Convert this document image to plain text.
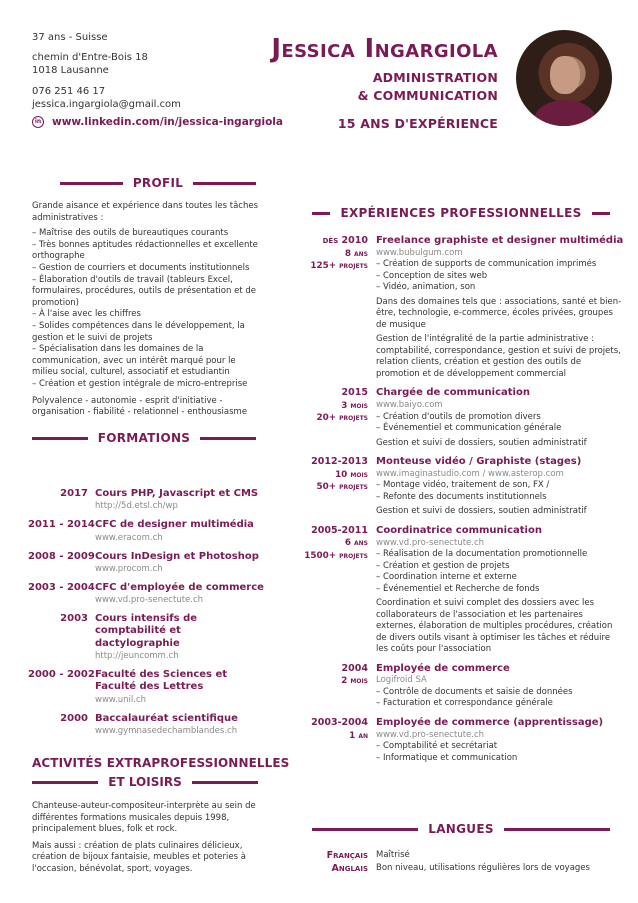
37 ans - Suisse
chemin d'Entre-Bois 18
1018 Lausanne
076 251 46 17
jessica.ingargiola@gmail.com
in www.linkedin.com/in/jessica-ingargiola
Jessica Ingargiola
ADMINISTRATION
& COMMUNICATION
15 ANS D'EXPÉRIENCE
PROFIL

Grande aisance et expérience dans toutes les tâches administratives :

– Maîtrise des outils de bureautiques courants
– Très bonnes aptitudes rédactionnelles et excellente orthographe
– Gestion de courriers et documents institutionnels
– Élaboration d'outils de travail (tableurs Excel, formulaires, procédures, outils de présentation et de promotion)
– À l'aise avec les chiffres
– Solides compétences dans le développement, la gestion et le suivi de projets
– Spécialisation dans les domaines de la communication, avec un intérêt marqué pour le milieu social, culturel, associatif et estudiantin
– Création et gestion intégrale de micro-entreprise

Polyvalence - autonomie - esprit d'initiative - organisation - fiabilité - relationnel - enthousiasme

FORMATIONS
2017 Cours PHP, Javascript et CMS
http://5d.etsl.ch/wp
2011 - 2014 CFC de designer multimédia
www.eracom.ch
2008 - 2009 Cours InDesign et Photoshop
www.procom.ch
2003 - 2004 CFC d'employée de commerce
www.vd.pro-senectute.ch
2003 Cours intensifs de comptabilité et dactylographie
http://jeuncomm.ch
2000 - 2002 Faculté des Sciences et Faculté des Lettres
www.unil.ch
2000 Baccalauréat scientifique
www.gymnasedechamblandes.ch
ACTIVITÉS EXTRAPROFESSIONNELLES
ET LOISIRS

Chanteuse-auteur-compositeur-interprète au sein de différentes formations musicales depuis 1998, principalement blues, folk et rock.

Mais aussi : création de plats culinaires délicieux, création de bijoux fantaisie, meubles et poteries à l'occasion, bénévolat, sport, voyages.

EXPÉRIENCES PROFESSIONNELLES
dès 2010
8 ans
125+ projets
Freelance graphiste et designer multimédia
www.bubulgum.com
– Création de supports de communication imprimés
– Conception de sites web
– Vidéo, animation, son
Dans des domaines tels que : associations, santé et bien-être, technologie, e-commerce, écoles privées, groupes de musique
Gestion de l'intégralité de la partie administrative : comptabilité, correspondance, gestion et suivi de projets, relation clients, création et gestion des outils de promotion et de développement commercial
2015
3 mois
20+ projets
Chargée de communication
www.baiyo.com
– Création d'outils de promotion divers
– Événementiel et communication générale
Gestion et suivi de dossiers, soutien administratif
2012-2013
10 mois
50+ projets
Monteuse vidéo / Graphiste (stages)
www.imaginastudio.com / www.asterop.com
– Montage vidéo, traitement de son, FX /
– Refonte des documents institutionnels
Gestion et suivi de dossiers, soutien administratif
2005-2011
6 ans
1500+ projets
Coordinatrice communication
www.vd.pro-senectute.ch
– Réalisation de la documentation promotionnelle
– Création et gestion de projets
– Coordination interne et externe
– Événementiel et Recherche de fonds
Coordination et suivi complet des dossiers avec les collaborateurs de l'association et les partenaires externes, élaboration de multiples procédures, création de divers outils visant à optimiser les tâches et réduire les coûts pour l'association
2004
2 mois
Employée de commerce
Logifroid SA
– Contrôle de documents et saisie de données
– Facturation et correspondance générale
2003-2004
1 an
Employée de commerce (apprentissage)
www.vd.pro-senectute.ch
– Comptabilité et secrétariat
– Informatique et communication
LANGUES
Français Maîtrisé
Anglais Bon niveau, utilisations régulières lors de voyages
